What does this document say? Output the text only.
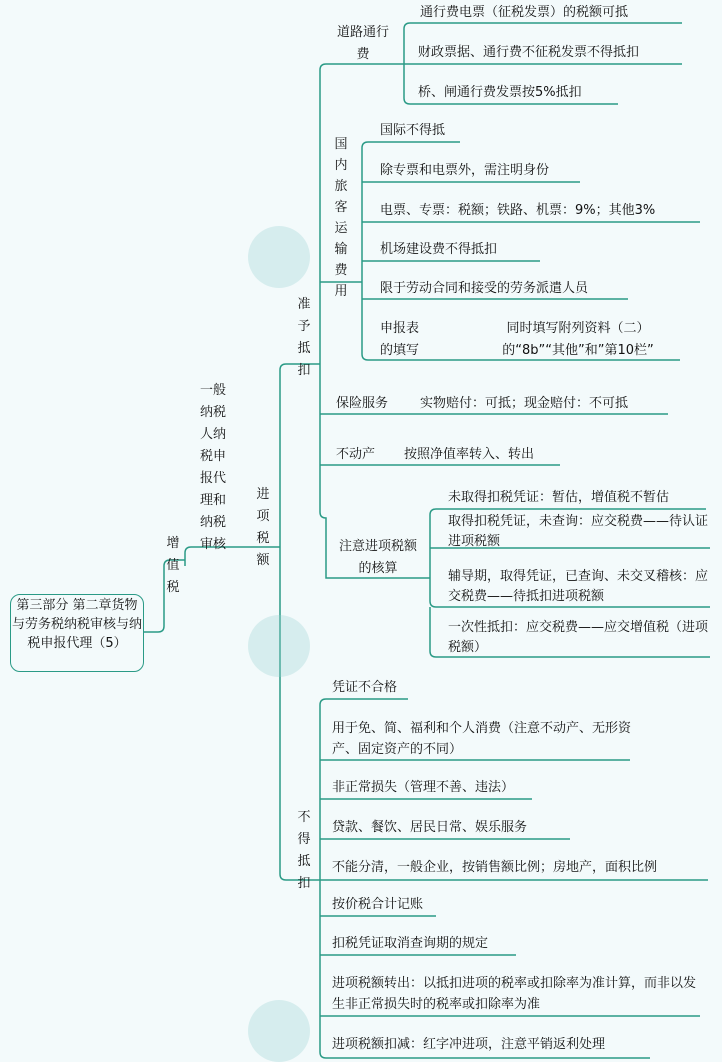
第三部分 第二章货物与劳务税纳税审核与纳税申报代理（5）
增值税
一般纳税人纳税申报代理和纳税审核
进项税额
准予抵扣
道路通行费
通行费电票（征税发票）的税额可抵
财政票据、通行费不征税发票不得抵扣
桥、闸通行费发票按5%抵扣
国内旅客运输费用
国际不得抵
除专票和电票外，需注明身份
电票、专票：税额；铁路、机票：9%；其他3%
机场建设费不得抵扣
限于劳动合同和接受的劳务派遣人员
申报表的填写
同时填写附列资料（二）的“8b”“其他”和”第10栏”
保险服务 实物赔付：可抵；现金赔付：不可抵
不动产 按照净值率转入、转出
注意进项税额的核算
未取得扣税凭证：暂估，增值税不暂估
取得扣税凭证，未查询：应交税费——待认证进项税额
辅导期，取得凭证，已查询、未交叉稽核：应交税费——待抵扣进项税额
一次性抵扣：应交税费——应交增值税（进项税额）
不得抵扣
凭证不合格
用于免、简、福利和个人消费（注意不动产、无形资产、固定资产的不同）
非正常损失（管理不善、违法）
贷款、餐饮、居民日常、娱乐服务
不能分清，一般企业，按销售额比例；房地产，面积比例
按价税合计记账
扣税凭证取消查询期的规定
进项税额转出：以抵扣进项的税率或扣除率为准计算，而非以发生非正常损失时的税率或扣除率为准
进项税额扣减：红字冲进项，注意平销返利处理
